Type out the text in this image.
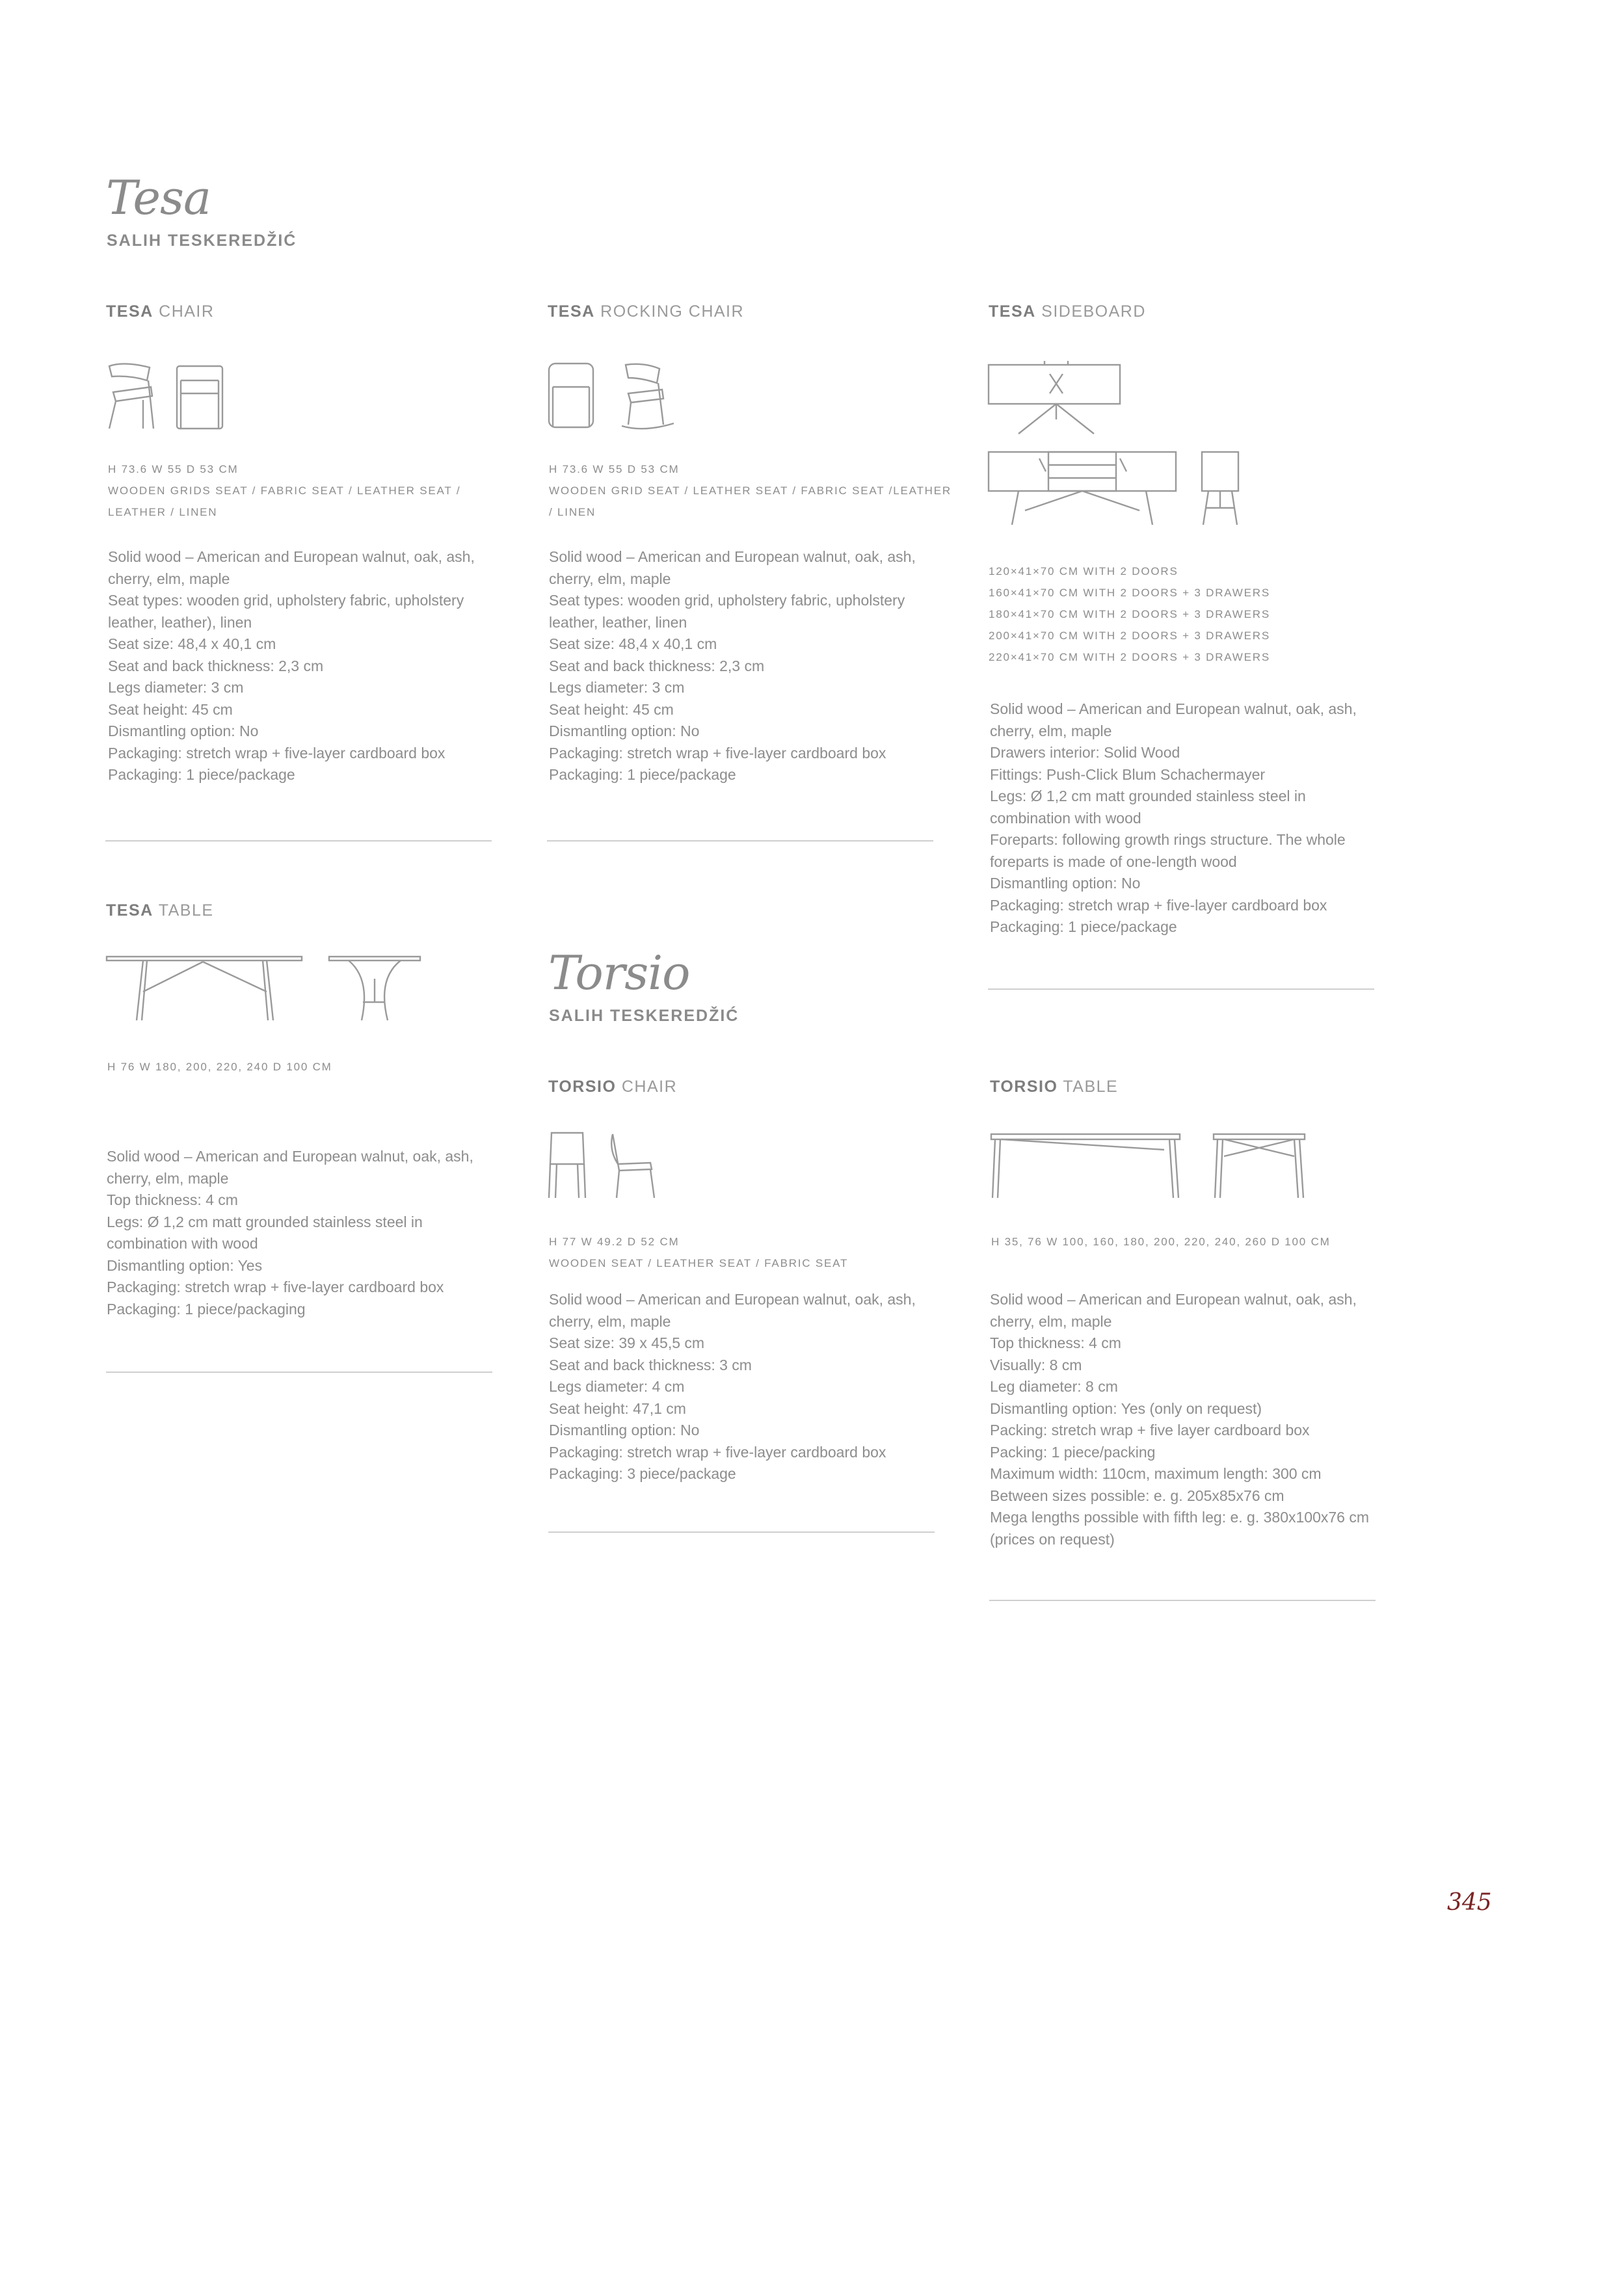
Tesa
SALIH TESKEREDŽIĆ
TESA CHAIR
H 73.6 W 55 D 53 CM
WOODEN GRIDS SEAT / FABRIC SEAT / LEATHER SEAT /
LEATHER / LINEN
Solid wood – American and European walnut, oak, ash,
cherry, elm, maple
Seat types: wooden grid, upholstery fabric, upholstery
leather, leather), linen
Seat size: 48,4 x 40,1 cm
Seat and back thickness: 2,3 cm
Legs diameter: 3 cm
Seat height: 45 cm
Dismantling option: No
Packaging: stretch wrap + five-layer cardboard box
Packaging: 1 piece/package
TESA ROCKING CHAIR
H 73.6 W 55 D 53 CM
WOODEN GRID SEAT / LEATHER SEAT / FABRIC SEAT /LEATHER
/ LINEN
Solid wood – American and European walnut, oak, ash,
cherry, elm, maple
Seat types: wooden grid, upholstery fabric, upholstery
leather, leather, linen
Seat size: 48,4 x 40,1 cm
Seat and back thickness: 2,3 cm
Legs diameter: 3 cm
Seat height: 45 cm
Dismantling option: No
Packaging: stretch wrap + five-layer cardboard box
Packaging: 1 piece/package
TESA SIDEBOARD
120×41×70 CM WITH 2 DOORS
160×41×70 CM WITH 2 DOORS + 3 DRAWERS
180×41×70 CM WITH 2 DOORS + 3 DRAWERS
200×41×70 CM WITH 2 DOORS + 3 DRAWERS
220×41×70 CM WITH 2 DOORS + 3 DRAWERS
Solid wood – American and European walnut, oak, ash,
cherry, elm, maple
Drawers interior: Solid Wood
Fittings: Push-Click Blum Schachermayer
Legs: Ø 1,2 cm matt grounded stainless steel in
combination with wood
Foreparts: following growth rings structure. The whole
foreparts is made of one-length wood
Dismantling option: No
Packaging: stretch wrap + five-layer cardboard box
Packaging: 1 piece/package
TESA TABLE
H 76 W 180, 200, 220, 240 D 100 CM
Solid wood – American and European walnut, oak, ash,
cherry, elm, maple
Top thickness: 4 cm
Legs: Ø 1,2 cm matt grounded stainless steel in
combination with wood
Dismantling option: Yes
Packaging: stretch wrap + five-layer cardboard box
Packaging: 1 piece/packaging
Torsio
SALIH TESKEREDŽIĆ
TORSIO CHAIR
H 77 W 49.2 D 52 CM
WOODEN SEAT / LEATHER SEAT / FABRIC SEAT
Solid wood – American and European walnut, oak, ash,
cherry, elm, maple
Seat size: 39 x 45,5 cm
Seat and back thickness: 3 cm
Legs diameter: 4 cm
Seat height: 47,1 cm
Dismantling option: No
Packaging: stretch wrap + five-layer cardboard box
Packaging: 3 piece/package
TORSIO TABLE
H 35, 76 W 100, 160, 180, 200, 220, 240, 260 D 100 CM
Solid wood – American and European walnut, oak, ash,
cherry, elm, maple
Top thickness: 4 cm
Visually: 8 cm
Leg diameter: 8 cm
Dismantling option: Yes (only on request)
Packing: stretch wrap + five layer cardboard box
Packing: 1 piece/packing
Maximum width: 110cm, maximum length: 300 cm
Between sizes possible: e. g. 205x85x76 cm
Mega lengths possible with fifth leg: e. g. 380x100x76 cm
(prices on request)
345
